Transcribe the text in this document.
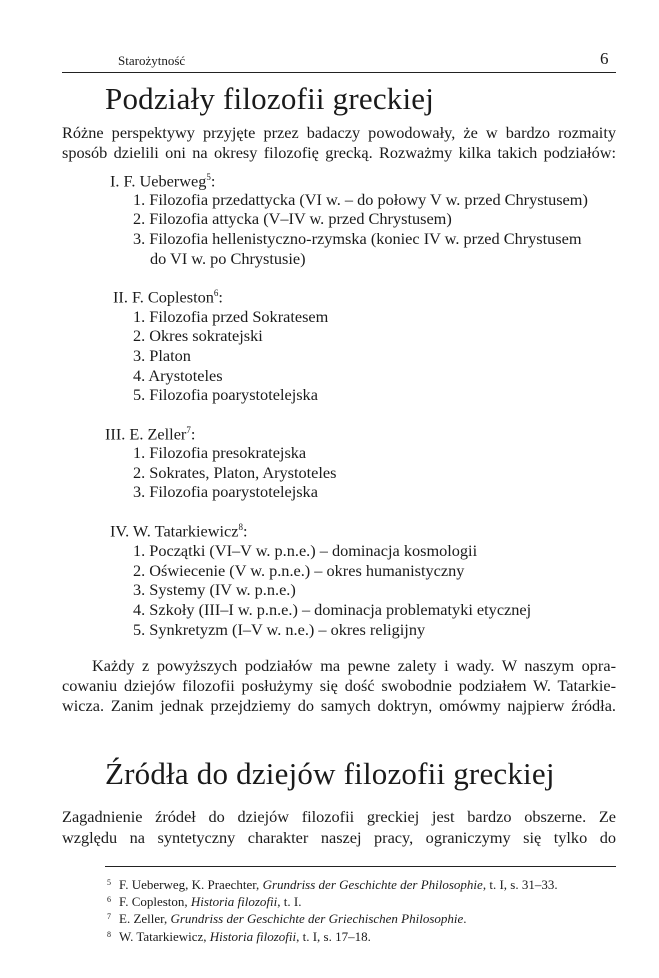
Starożytność	6
Podziały filozofii greckiej
Różne perspektywy przyjęte przez badaczy powodowały, że w bardzo rozmaity
sposób dzielili oni na okresy filozofię grecką. Rozważmy kilka takich podziałów:
I. F. Ueberweg$^5$:
1. Filozofia przedattycka (VI w. – do połowy V w. przed Chrystusem)
2. Filozofia attycka (V–IV w. przed Chrystusem)
3. Filozofia hellenistyczno-rzymska (koniec IV w. przed Chrystusem
do VI w. po Chrystusie)
II. F. Copleston$^6$:
1. Filozofia przed Sokratesem
2. Okres sokratejski
3. Platon
4. Arystoteles
5. Filozofia poarystotelejska
III. E. Zeller$^7$:
1. Filozofia presokratejska
2. Sokrates, Platon, Arystoteles
3. Filozofia poarystotelejska
IV. W. Tatarkiewicz$^8$:
1. Początki (VI–V w. p.n.e.) – dominacja kosmologii
2. Oświecenie (V w. p.n.e.) – okres humanistyczny
3. Systemy (IV w. p.n.e.)
4. Szkoły (III–I w. p.n.e.) – dominacja problematyki etycznej
5. Synkretyzm (I–V w. n.e.) – okres religijny
Każdy z powyższych podziałów ma pewne zalety i wady. W naszym opra-
cowaniu dziejów filozofii posłużymy się dość swobodnie podziałem W. Tatarkie-
wicza. Zanim jednak przejdziemy do samych doktryn, omówmy najpierw źródła.
Źródła do dziejów filozofii greckiej
Zagadnienie źródeł do dziejów filozofii greckiej jest bardzo obszerne. Ze
względu na syntetyczny charakter naszej pracy, ograniczymy się tylko do
$^5$ F. Ueberweg, K. Praechter, Grundriss der Geschichte der Philosophie, t. I, s. 31–33.
$^6$ F. Copleston, Historia filozofii, t. I.
$^7$ E. Zeller, Grundriss der Geschichte der Griechischen Philosophie.
$^8$ W. Tatarkiewicz, Historia filozofii, t. I, s. 17–18.
